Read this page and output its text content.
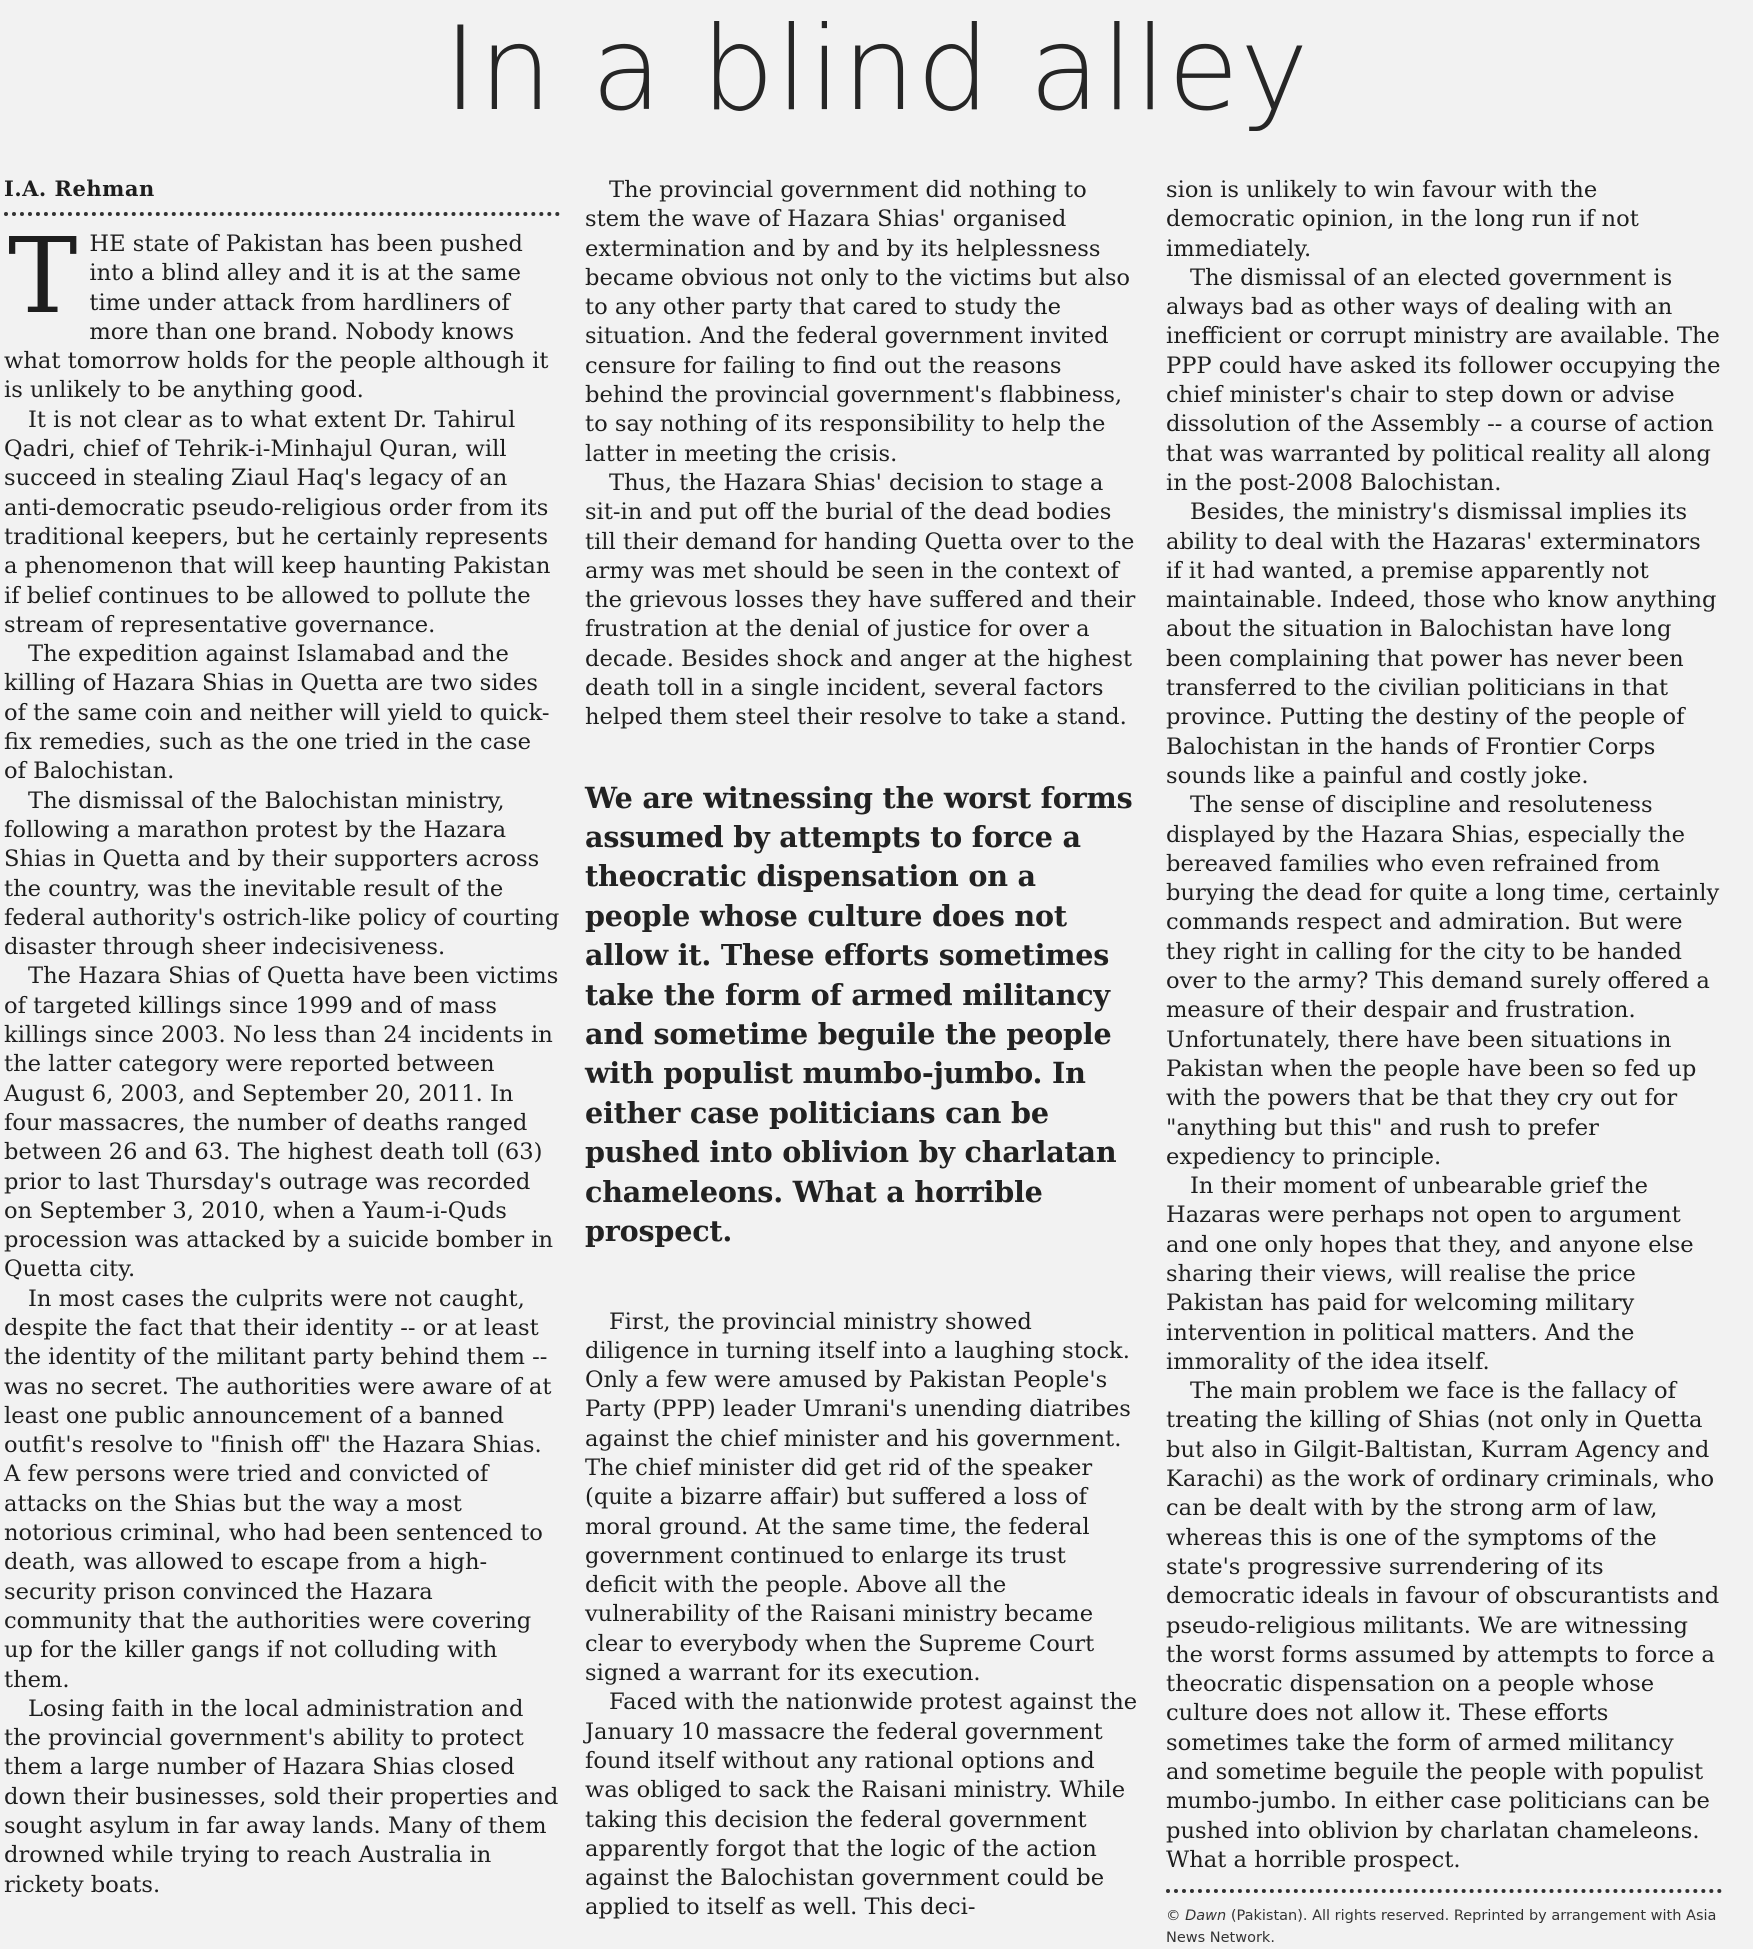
In a blind alley
I.A. Rehman

THE state of Pakistan has been pushed into a blind alley and it is at the same time under attack from hardliners of more than one brand. Nobody knows what tomorrow holds for the people although it is unlikely to be anything good.

It is not clear as to what extent Dr. Tahirul Qadri, chief of Tehrik-i-Minhajul Quran, will succeed in stealing Ziaul Haq's legacy of an anti-democratic pseudo-religious order from its traditional keepers, but he certainly represents a phenomenon that will keep haunting Pakistan if belief continues to be allowed to pollute the stream of representative governance.

The expedition against Islamabad and the killing of Hazara Shias in Quetta are two sides of the same coin and neither will yield to quick-fix remedies, such as the one tried in the case of Balochistan.

The dismissal of the Balochistan ministry, following a marathon protest by the Hazara Shias in Quetta and by their supporters across the country, was the inevitable result of the federal authority's ostrich-like policy of courting disaster through sheer indecisiveness.

The Hazara Shias of Quetta have been victims of targeted killings since 1999 and of mass killings since 2003. No less than 24 incidents in the latter category were reported between August 6, 2003, and September 20, 2011. In four massacres, the number of deaths ranged between 26 and 63. The highest death toll (63) prior to last Thursday's outrage was recorded on September 3, 2010, when a Yaum-i-Quds procession was attacked by a suicide bomber in Quetta city.

In most cases the culprits were not caught, despite the fact that their identity -- or at least the identity of the militant party behind them -- was no secret. The authorities were aware of at least one public announcement of a banned outfit's resolve to "finish off" the Hazara Shias. A few persons were tried and convicted of attacks on the Shias but the way a most notorious criminal, who had been sentenced to death, was allowed to escape from a high-security prison convinced the Hazara community that the authorities were covering up for the killer gangs if not colluding with them.

Losing faith in the local administration and the provincial government's ability to protect them a large number of Hazara Shias closed down their businesses, sold their properties and sought asylum in far away lands. Many of them drowned while trying to reach Australia in rickety boats.

The provincial government did nothing to stem the wave of Hazara Shias' organised extermination and by and by its helplessness became obvious not only to the victims but also to any other party that cared to study the situation. And the federal government invited censure for failing to find out the reasons behind the provincial government's flabbiness, to say nothing of its responsibility to help the latter in meeting the crisis.

Thus, the Hazara Shias' decision to stage a sit-in and put off the burial of the dead bodies till their demand for handing Quetta over to the army was met should be seen in the context of the grievous losses they have suffered and their frustration at the denial of justice for over a decade. Besides shock and anger at the highest death toll in a single incident, several factors helped them steel their resolve to take a stand.

We are witnessing the worst forms assumed by attempts to force a theocratic dispensation on a people whose culture does not allow it. These efforts sometimes take the form of armed militancy and sometime beguile the people with populist mumbo-jumbo. In either case politicians can be pushed into oblivion by charlatan chameleons. What a horrible prospect.

First, the provincial ministry showed diligence in turning itself into a laughing stock. Only a few were amused by Pakistan People's Party (PPP) leader Umrani's unending diatribes against the chief minister and his government. The chief minister did get rid of the speaker (quite a bizarre affair) but suffered a loss of moral ground. At the same time, the federal government continued to enlarge its trust deficit with the people. Above all the vulnerability of the Raisani ministry became clear to everybody when the Supreme Court signed a warrant for its execution.

Faced with the nationwide protest against the January 10 massacre the federal government found itself without any rational options and was obliged to sack the Raisani ministry. While taking this decision the federal government apparently forgot that the logic of the action against the Balochistan government could be applied to itself as well. This deci-

sion is unlikely to win favour with the democratic opinion, in the long run if not immediately.

The dismissal of an elected government is always bad as other ways of dealing with an inefficient or corrupt ministry are available. The PPP could have asked its follower occupying the chief minister's chair to step down or advise dissolution of the Assembly -- a course of action that was warranted by political reality all along in the post-2008 Balochistan.

Besides, the ministry's dismissal implies its ability to deal with the Hazaras' exterminators if it had wanted, a premise apparently not maintainable. Indeed, those who know anything about the situation in Balochistan have long been complaining that power has never been transferred to the civilian politicians in that province. Putting the destiny of the people of Balochistan in the hands of Frontier Corps sounds like a painful and costly joke.

The sense of discipline and resoluteness displayed by the Hazara Shias, especially the bereaved families who even refrained from burying the dead for quite a long time, certainly commands respect and admiration. But were they right in calling for the city to be handed over to the army? This demand surely offered a measure of their despair and frustration. Unfortunately, there have been situations in Pakistan when the people have been so fed up with the powers that be that they cry out for "anything but this" and rush to prefer expediency to principle.

In their moment of unbearable grief the Hazaras were perhaps not open to argument and one only hopes that they, and anyone else sharing their views, will realise the price Pakistan has paid for welcoming military intervention in political matters. And the immorality of the idea itself.

The main problem we face is the fallacy of treating the killing of Shias (not only in Quetta but also in Gilgit-Baltistan, Kurram Agency and Karachi) as the work of ordinary criminals, who can be dealt with by the strong arm of law, whereas this is one of the symptoms of the state's progressive surrendering of its democratic ideals in favour of obscurantists and pseudo-religious militants. We are witnessing the worst forms assumed by attempts to force a theocratic dispensation on a people whose culture does not allow it. These efforts sometimes take the form of armed militancy and sometime beguile the people with populist mumbo-jumbo. In either case politicians can be pushed into oblivion by charlatan chameleons. What a horrible prospect.

© Dawn (Pakistan). All rights reserved. Reprinted by arrangement with Asia News Network.
